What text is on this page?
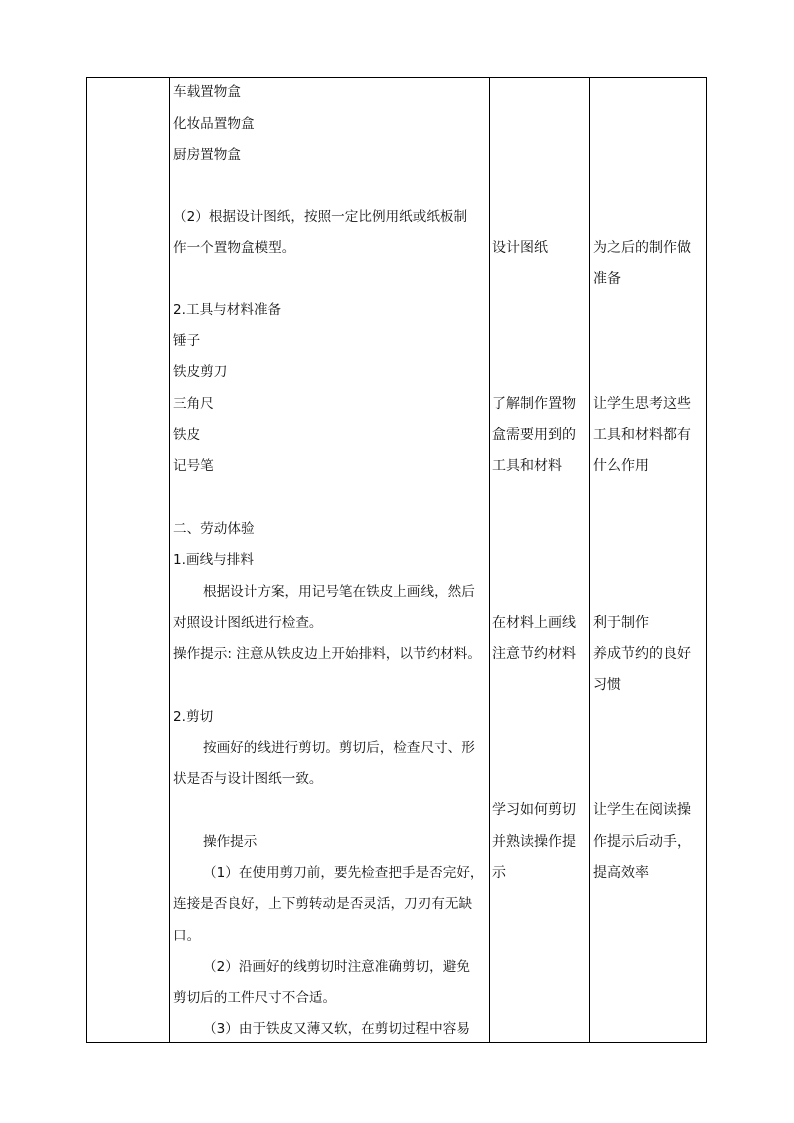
车载置物盒
化妆品置物盒
厨房置物盒
（2）根据设计图纸，按照一定比例用纸或纸板制
作一个置物盒模型。
2.工具与材料准备
锤子
铁皮剪刀
三角尺
铁皮
记号笔
二、劳动体验
1.画线与排料
根据设计方案，用记号笔在铁皮上画线，然后
对照设计图纸进行检查。
操作提示: 注意从铁皮边上开始排料，以节约材料。
2.剪切
按画好的线进行剪切。剪切后，检查尺寸、形
状是否与设计图纸一致。
操作提示
（1）在使用剪刀前，要先检查把手是否完好，
连接是否良好，上下剪转动是否灵活，刀刃有无缺
口。
（2）沿画好的线剪切时注意准确剪切，避免
剪切后的工件尺寸不合适。
（3）由于铁皮又薄又软，在剪切过程中容易
设计图纸
了解制作置物
盒需要用到的
工具和材料
在材料上画线
注意节约材料
学习如何剪切
并熟读操作提
示
为之后的制作做
准备
让学生思考这些
工具和材料都有
什么作用
利于制作
养成节约的良好
习惯
让学生在阅读操
作提示后动手，
提高效率
